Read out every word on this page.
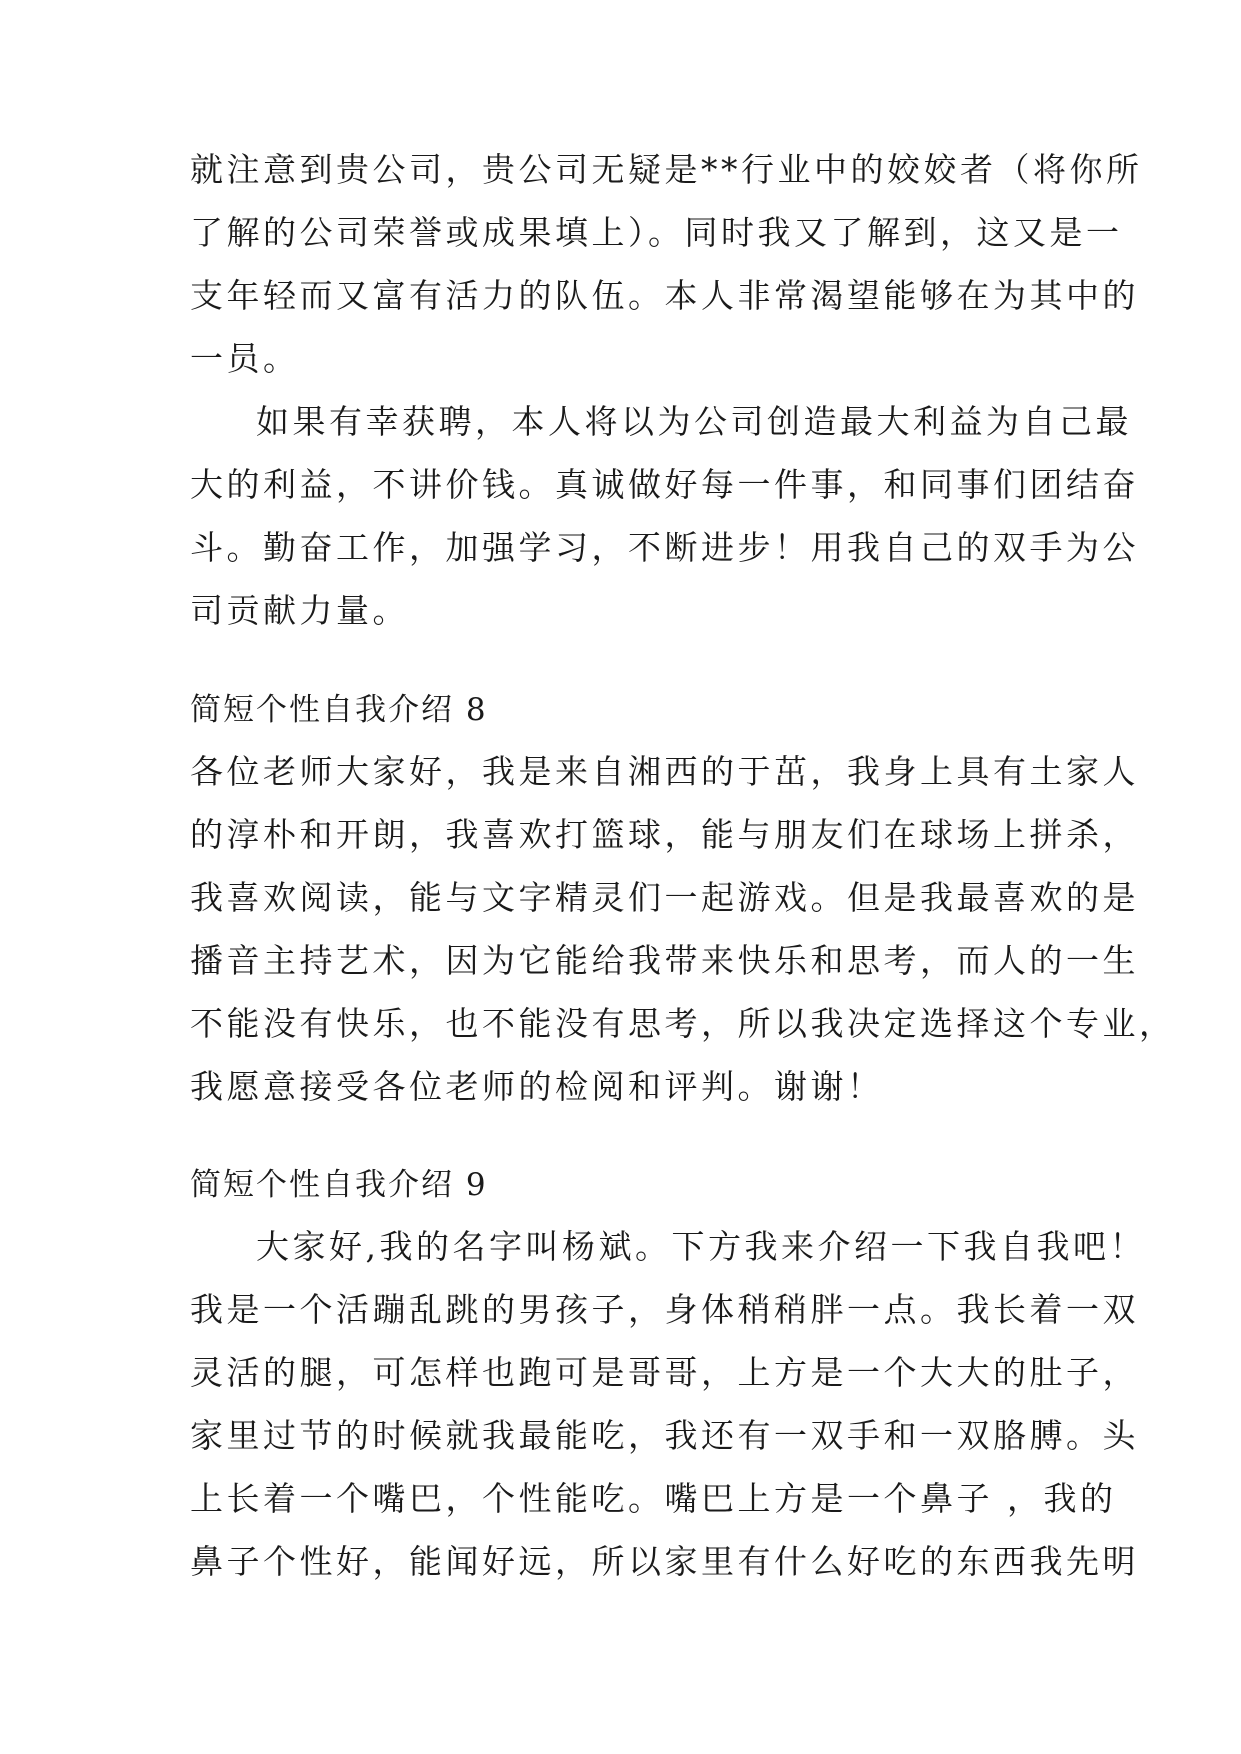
就注意到贵公司，贵公司无疑是**行业中的姣姣者（将你所
了解的公司荣誉或成果填上）。同时我又了解到，这又是一
支年轻而又富有活力的队伍。本人非常渴望能够在为其中的
一员。
如果有幸获聘，本人将以为公司创造最大利益为自己最
大的利益，不讲价钱。真诚做好每一件事，和同事们团结奋
斗。勤奋工作，加强学习，不断进步！用我自己的双手为公
司贡献力量。
简短个性自我介绍 8
各位老师大家好，我是来自湘西的于茁，我身上具有土家人
的淳朴和开朗，我喜欢打篮球，能与朋友们在球场上拼杀，
我喜欢阅读，能与文字精灵们一起游戏。但是我最喜欢的是
播音主持艺术，因为它能给我带来快乐和思考，而人的一生
不能没有快乐，也不能没有思考，所以我决定选择这个专业，
我愿意接受各位老师的检阅和评判。谢谢！
简短个性自我介绍 9
大家好,我的名字叫杨斌。下方我来介绍一下我自我吧！
我是一个活蹦乱跳的男孩子，身体稍稍胖一点。我长着一双
灵活的腿，可怎样也跑可是哥哥，上方是一个大大的肚子，
家里过节的时候就我最能吃，我还有一双手和一双胳膊。头
上长着一个嘴巴，个性能吃。嘴巴上方是一个鼻子 ，我的
鼻子个性好，能闻好远，所以家里有什么好吃的东西我先明
